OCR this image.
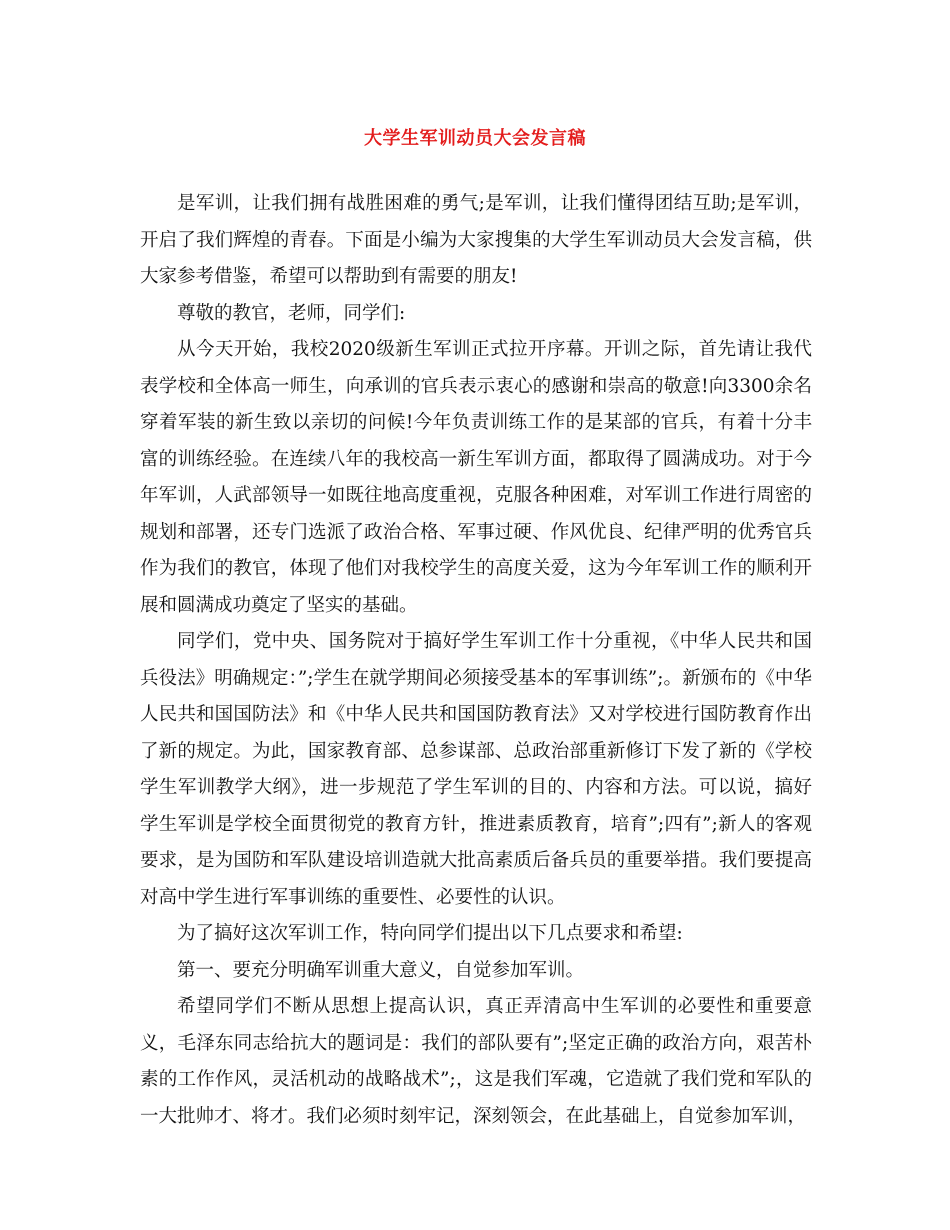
大学生军训动员大会发言稿

是军训，让我们拥有战胜困难的勇气;是军训，让我们懂得团结互助;是军训，开启了我们辉煌的青春。下面是小编为大家搜集的大学生军训动员大会发言稿，供大家参考借鉴，希望可以帮助到有需要的朋友!

尊敬的教官，老师，同学们:

从今天开始，我校2020级新生军训正式拉开序幕。开训之际，首先请让我代表学校和全体高一师生，向承训的官兵表示衷心的感谢和崇高的敬意!向3300余名穿着军装的新生致以亲切的问候!今年负责训练工作的是某部的官兵，有着十分丰富的训练经验。在连续八年的我校高一新生军训方面，都取得了圆满成功。对于今年军训，人武部领导一如既往地高度重视，克服各种困难，对军训工作进行周密的规划和部署，还专门选派了政治合格、军事过硬、作风优良、纪律严明的优秀官兵作为我们的教官，体现了他们对我校学生的高度关爱，这为今年军训工作的顺利开展和圆满成功奠定了坚实的基础。

同学们，党中央、国务院对于搞好学生军训工作十分重视，《中华人民共和国兵役法》明确规定：”;学生在就学期间必须接受基本的军事训练”;。新颁布的《中华人民共和国国防法》和《中华人民共和国国防教育法》又对学校进行国防教育作出了新的规定。为此，国家教育部、总参谋部、总政治部重新修订下发了新的《学校学生军训教学大纲》，进一步规范了学生军训的目的、内容和方法。可以说，搞好学生军训是学校全面贯彻党的教育方针，推进素质教育，培育”;四有”;新人的客观要求，是为国防和军队建设培训造就大批高素质后备兵员的重要举措。我们要提高对高中学生进行军事训练的重要性、必要性的认识。

为了搞好这次军训工作，特向同学们提出以下几点要求和希望:

第一、要充分明确军训重大意义，自觉参加军训。

希望同学们不断从思想上提高认识，真正弄清高中生军训的必要性和重要意义，毛泽东同志给抗大的题词是：我们的部队要有”;坚定正确的政治方向，艰苦朴素的工作作风，灵活机动的战略战术”;，这是我们军魂，它造就了我们党和军队的一大批帅才、将才。我们必须时刻牢记，深刻领会，在此基础上，自觉参加军训，
